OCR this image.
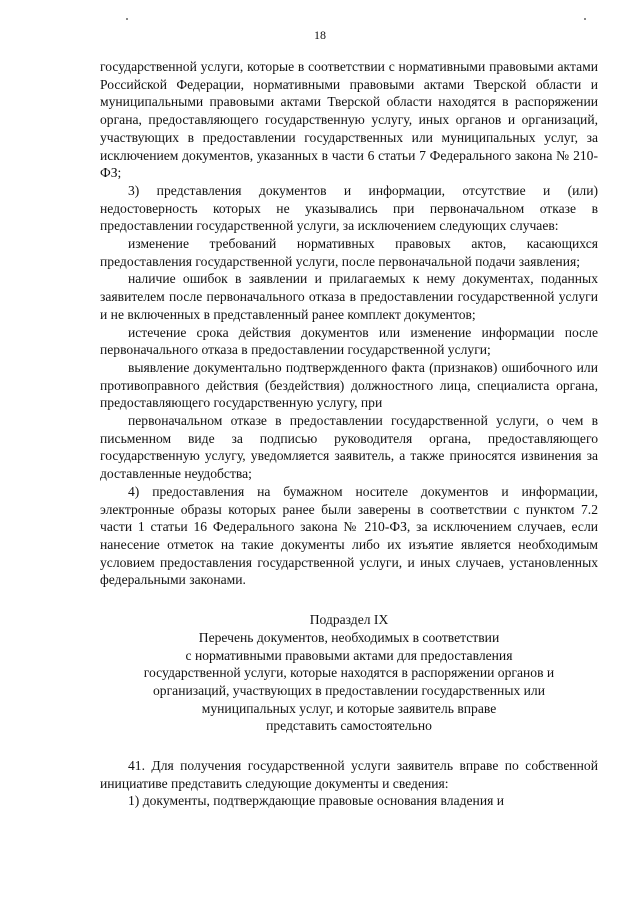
18

государственной услуги, которые в соответствии с нормативными правовыми актами Российской Федерации, нормативными правовыми актами Тверской области и муниципальными правовыми актами Тверской области находятся в распоряжении органа, предоставляющего государственную услугу, иных органов и организаций, участвующих в предоставлении государственных или муниципальных услуг, за исключением документов, указанных в части 6 статьи 7 Федерального закона № 210-ФЗ;

3) представления документов и информации, отсутствие и (или) недостоверность которых не указывались при первоначальном отказе в предоставлении государственной услуги, за исключением следующих случаев:

изменение требований нормативных правовых актов, касающихся предоставления государственной услуги, после первоначальной подачи заявления;

наличие ошибок в заявлении и прилагаемых к нему документах, поданных заявителем после первоначального отказа в предоставлении государственной услуги и не включенных в представленный ранее комплект документов;

истечение срока действия документов или изменение информации после первоначального отказа в предоставлении государственной услуги;

выявление документально подтвержденного факта (признаков) ошибочного или противоправного действия (бездействия) должностного лица, специалиста органа, предоставляющего государственную услугу, при

первоначальном отказе в предоставлении государственной услуги, о чем в письменном виде за подписью руководителя органа, предоставляющего государственную услугу, уведомляется заявитель, а также приносятся извинения за доставленные неудобства;

4) предоставления на бумажном носителе документов и информации, электронные образы которых ранее были заверены в соответствии с пунктом 7.2 части 1 статьи 16 Федерального закона № 210-ФЗ, за исключением случаев, если нанесение отметок на такие документы либо их изъятие является необходимым условием предоставления государственной услуги, и иных случаев, установленных федеральными законами.

Подраздел IX
Перечень документов, необходимых в соответствии
с нормативными правовыми актами для предоставления
государственной услуги, которые находятся в распоряжении органов и
организаций, участвующих в предоставлении государственных или
муниципальных услуг, и которые заявитель вправе
представить самостоятельно

41. Для получения государственной услуги заявитель вправе по собственной инициативе представить следующие документы и сведения:

1) документы, подтверждающие правовые основания владения и
